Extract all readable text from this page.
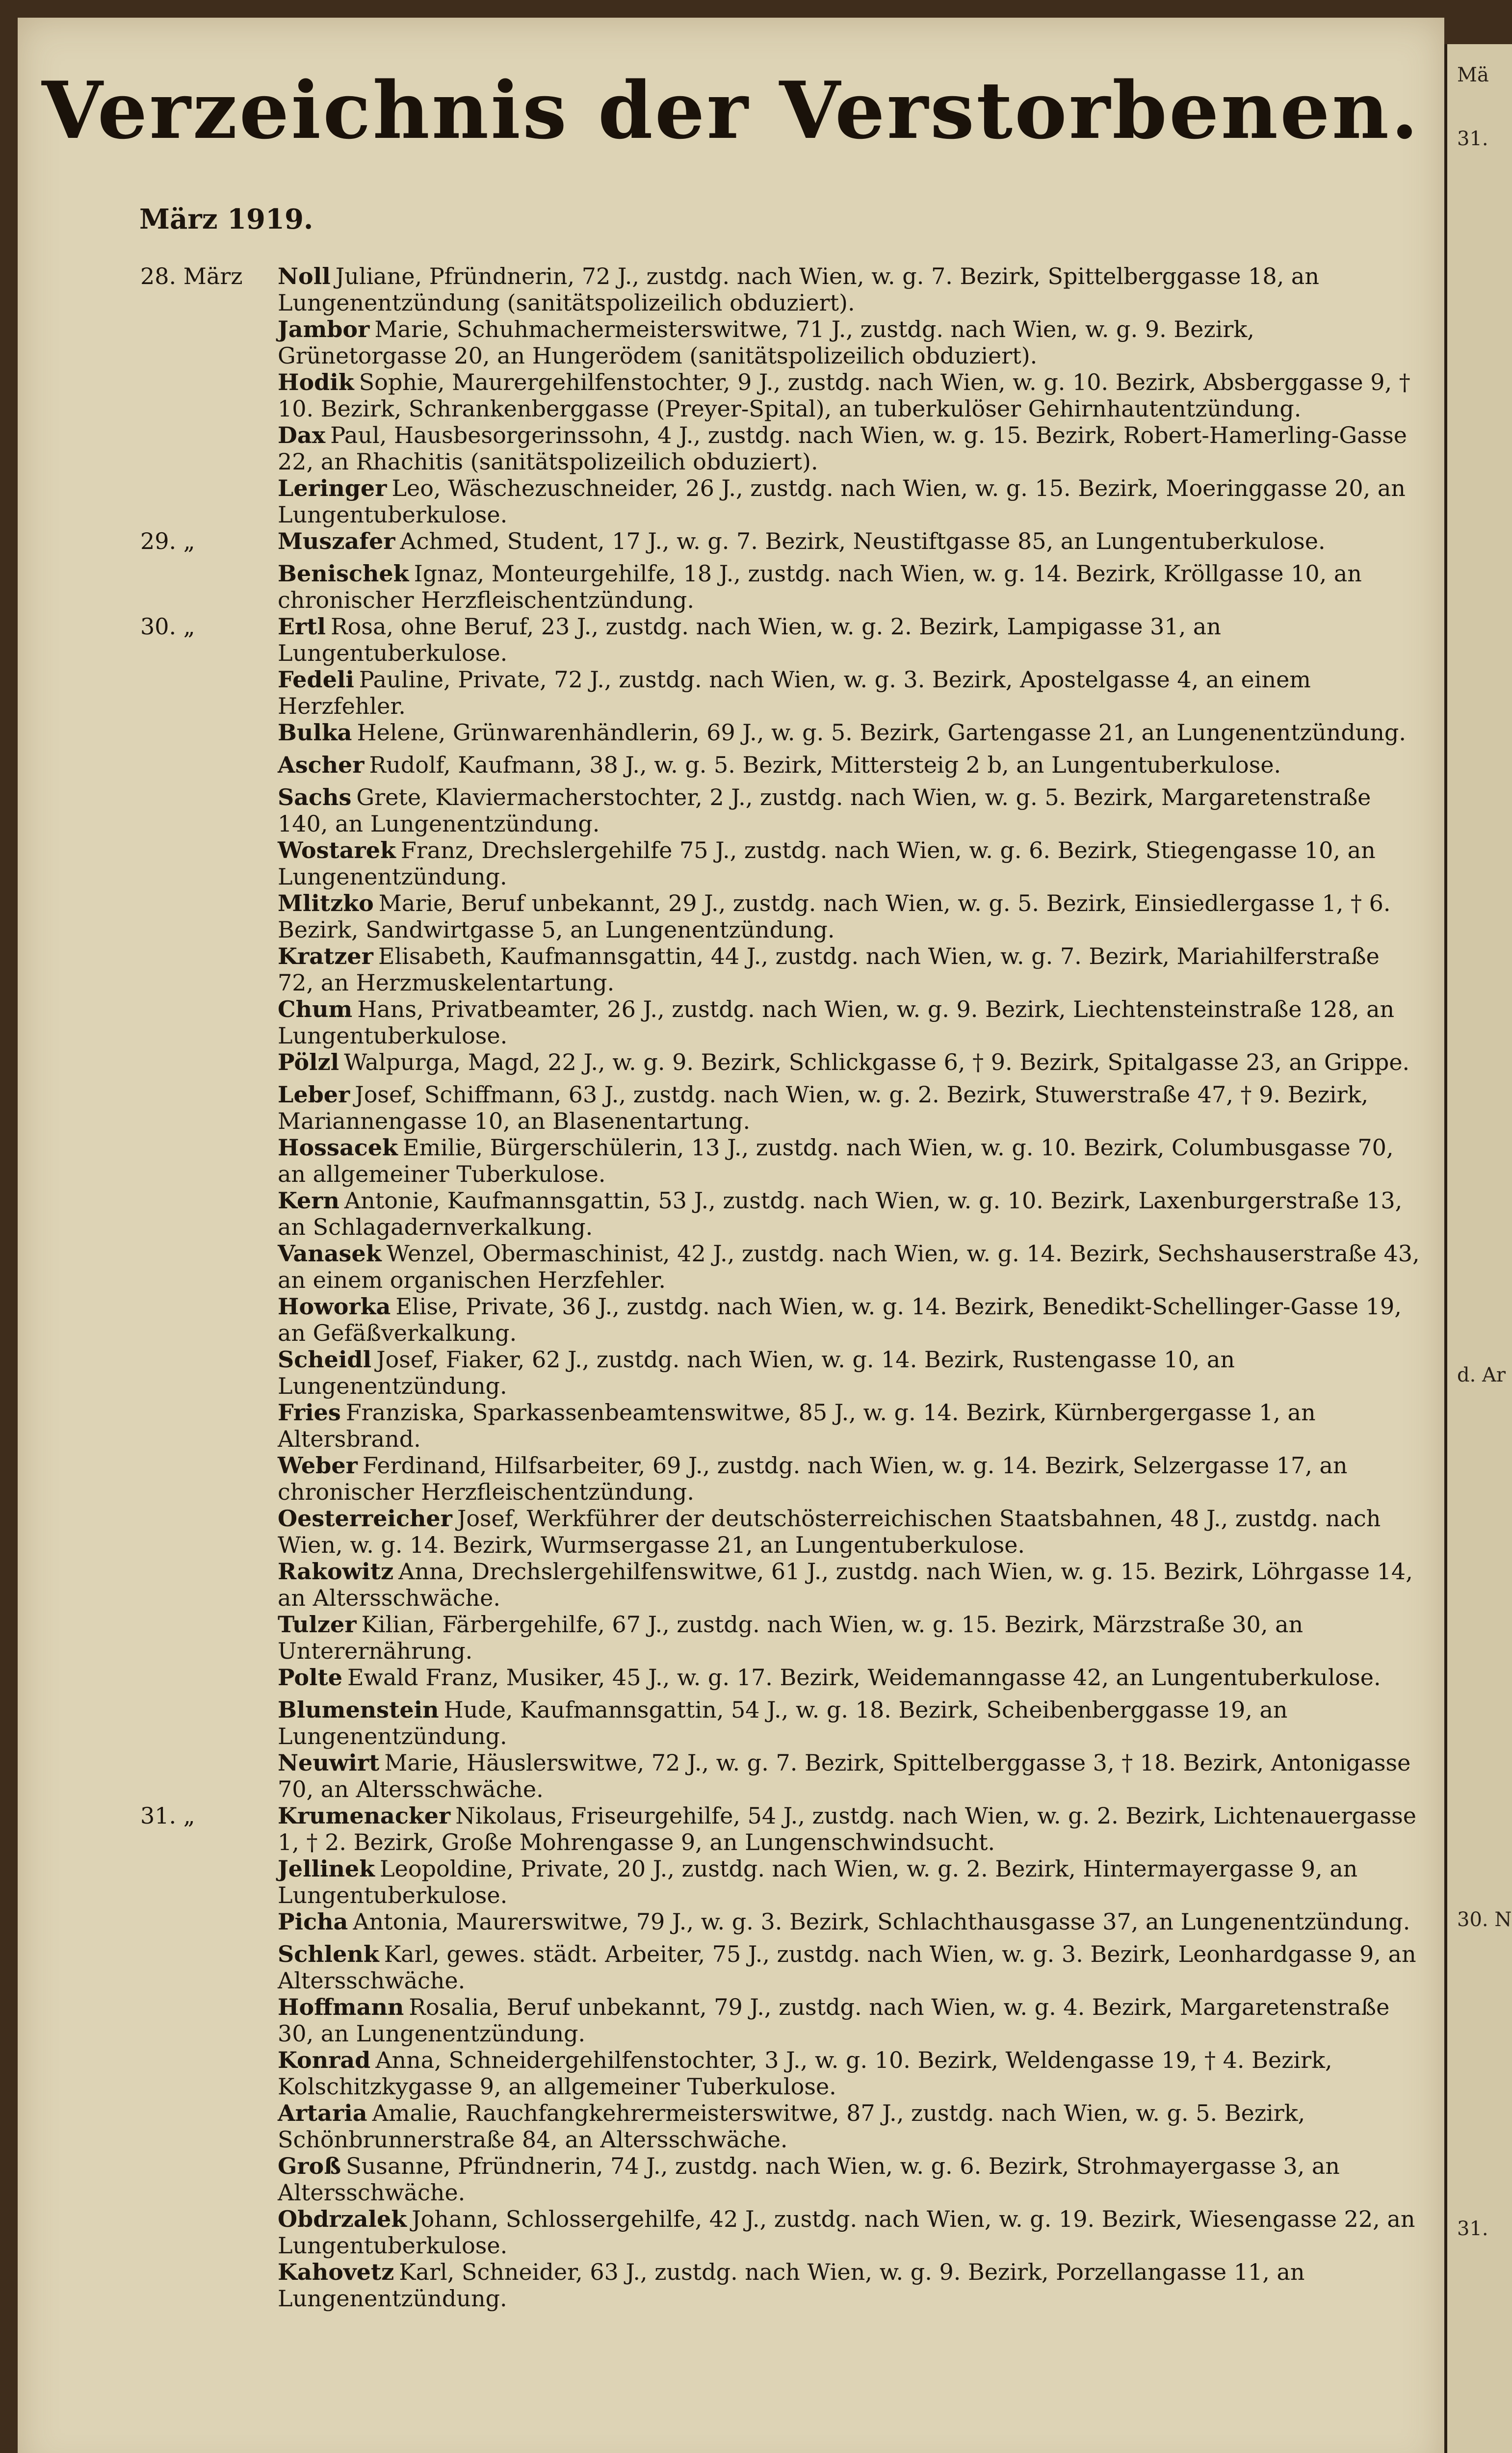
Verzeichnis der Verstorbenen.
März 1919.
28. März	Noll Juliane, Pfründnerin, 72 J., zustdg. nach Wien, w. g. 7. Bezirk, Spittelberggasse 18, an Lungenentzündung (sanitätspolizeilich obduziert).
Jambor Marie, Schuhmachermeisterswitwe, 71 J., zustdg. nach Wien, w. g. 9. Bezirk, Grünetorgasse 20, an Hungerödem (sanitätspolizeilich obduziert).
Hodik Sophie, Maurergehilfenstochter, 9 J., zustdg. nach Wien, w. g. 10. Bezirk, Absberggasse 9, † 10. Bezirk, Schrankenberggasse (Preyer-Spital), an tuberkulöser Gehirnhautentzündung.
Dax Paul, Hausbesorgerinssohn, 4 J., zustdg. nach Wien, w. g. 15. Bezirk, Robert-Hamerling-Gasse 22, an Rhachitis (sanitätspolizeilich obduziert).
Leringer Leo, Wäschezuschneider, 26 J., zustdg. nach Wien, w. g. 15. Bezirk, Moeringgasse 20, an Lungentuberkulose.
29. „	Muszafer Achmed, Student, 17 J., w. g. 7. Bezirk, Neustiftgasse 85, an Lungentuberkulose.
Benischek Ignaz, Monteurgehilfe, 18 J., zustdg. nach Wien, w. g. 14. Bezirk, Kröllgasse 10, an chronischer Herzfleischentzündung.
30. „	Ertl Rosa, ohne Beruf, 23 J., zustdg. nach Wien, w. g. 2. Bezirk, Lampigasse 31, an Lungentuberkulose.
Fedeli Pauline, Private, 72 J., zustdg. nach Wien, w. g. 3. Bezirk, Apostelgasse 4, an einem Herzfehler.
Bulka Helene, Grünwarenhändlerin, 69 J., w. g. 5. Bezirk, Gartengasse 21, an Lungenentzündung.
Ascher Rudolf, Kaufmann, 38 J., w. g. 5. Bezirk, Mittersteig 2 b, an Lungentuberkulose.
Sachs Grete, Klaviermacherstochter, 2 J., zustdg. nach Wien, w. g. 5. Bezirk, Margaretenstraße 140, an Lungenentzündung.
Wostarek Franz, Drechslergehilfe 75 J., zustdg. nach Wien, w. g. 6. Bezirk, Stiegengasse 10, an Lungenentzündung.
Mlitzko Marie, Beruf unbekannt, 29 J., zustdg. nach Wien, w. g. 5. Bezirk, Einsiedlergasse 1, † 6. Bezirk, Sandwirtgasse 5, an Lungenentzündung.
Kratzer Elisabeth, Kaufmannsgattin, 44 J., zustdg. nach Wien, w. g. 7. Bezirk, Mariahilferstraße 72, an Herzmuskelentartung.
Chum Hans, Privatbeamter, 26 J., zustdg. nach Wien, w. g. 9. Bezirk, Liechtensteinstraße 128, an Lungentuberkulose.
Pölzl Walpurga, Magd, 22 J., w. g. 9. Bezirk, Schlickgasse 6, † 9. Bezirk, Spitalgasse 23, an Grippe.
Leber Josef, Schiffmann, 63 J., zustdg. nach Wien, w. g. 2. Bezirk, Stuwerstraße 47, † 9. Bezirk, Mariannengasse 10, an Blasenentartung.
Hossacek Emilie, Bürgerschülerin, 13 J., zustdg. nach Wien, w. g. 10. Bezirk, Columbusgasse 70, an allgemeiner Tuberkulose.
Kern Antonie, Kaufmannsgattin, 53 J., zustdg. nach Wien, w. g. 10. Bezirk, Laxenburgerstraße 13, an Schlagadernverkalkung.
Vanasek Wenzel, Obermaschinist, 42 J., zustdg. nach Wien, w. g. 14. Bezirk, Sechshauserstraße 43, an einem organischen Herzfehler.
Howorka Elise, Private, 36 J., zustdg. nach Wien, w. g. 14. Bezirk, Benedikt-Schellinger-Gasse 19, an Gefäßverkalkung.
Scheidl Josef, Fiaker, 62 J., zustdg. nach Wien, w. g. 14. Bezirk, Rustengasse 10, an Lungenentzündung.
Fries Franziska, Sparkassenbeamtenswitwe, 85 J., w. g. 14. Bezirk, Kürnbergergasse 1, an Altersbrand.
Weber Ferdinand, Hilfsarbeiter, 69 J., zustdg. nach Wien, w. g. 14. Bezirk, Selzergasse 17, an chronischer Herzfleischentzündung.
Oesterreicher Josef, Werkführer der deutschösterreichischen Staatsbahnen, 48 J., zustdg. nach Wien, w. g. 14. Bezirk, Wurmsergasse 21, an Lungentuberkulose.
Rakowitz Anna, Drechslergehilfenswitwe, 61 J., zustdg. nach Wien, w. g. 15. Bezirk, Löhrgasse 14, an Altersschwäche.
Tulzer Kilian, Färbergehilfe, 67 J., zustdg. nach Wien, w. g. 15. Bezirk, Märzstraße 30, an Unterernährung.
Polte Ewald Franz, Musiker, 45 J., w. g. 17. Bezirk, Weidemanngasse 42, an Lungentuberkulose.
Blumenstein Hude, Kaufmannsgattin, 54 J., w. g. 18. Bezirk, Scheibenberggasse 19, an Lungenentzündung.
Neuwirt Marie, Häuslerswitwe, 72 J., w. g. 7. Bezirk, Spittelberggasse 3, † 18. Bezirk, Antonigasse 70, an Altersschwäche.
31. „	Krumenacker Nikolaus, Friseurgehilfe, 54 J., zustdg. nach Wien, w. g. 2. Bezirk, Lichtenauergasse 1, † 2. Bezirk, Große Mohrengasse 9, an Lungenschwindsucht.
Jellinek Leopoldine, Private, 20 J., zustdg. nach Wien, w. g. 2. Bezirk, Hintermayergasse 9, an Lungentuberkulose.
Picha Antonia, Maurerswitwe, 79 J., w. g. 3. Bezirk, Schlachthausgasse 37, an Lungenentzündung.
Schlenk Karl, gewes. städt. Arbeiter, 75 J., zustdg. nach Wien, w. g. 3. Bezirk, Leonhardgasse 9, an Altersschwäche.
Hoffmann Rosalia, Beruf unbekannt, 79 J., zustdg. nach Wien, w. g. 4. Bezirk, Margaretenstraße 30, an Lungenentzündung.
Konrad Anna, Schneidergehilfenstochter, 3 J., w. g. 10. Bezirk, Weldengasse 19, † 4. Bezirk, Kolschitzkygasse 9, an allgemeiner Tuberkulose.
Artaria Amalie, Rauchfangkehrermeisterswitwe, 87 J., zustdg. nach Wien, w. g. 5. Bezirk, Schönbrunnerstraße 84, an Altersschwäche.
Groß Susanne, Pfründnerin, 74 J., zustdg. nach Wien, w. g. 6. Bezirk, Strohmayergasse 3, an Altersschwäche.
Obdrzalek Johann, Schlossergehilfe, 42 J., zustdg. nach Wien, w. g. 19. Bezirk, Wiesengasse 22, an Lungentuberkulose.
Kahovetz Karl, Schneider, 63 J., zustdg. nach Wien, w. g. 9. Bezirk, Porzellangasse 11, an Lungenentzündung.
Mä
31.
d. Ar
30. N
31.
